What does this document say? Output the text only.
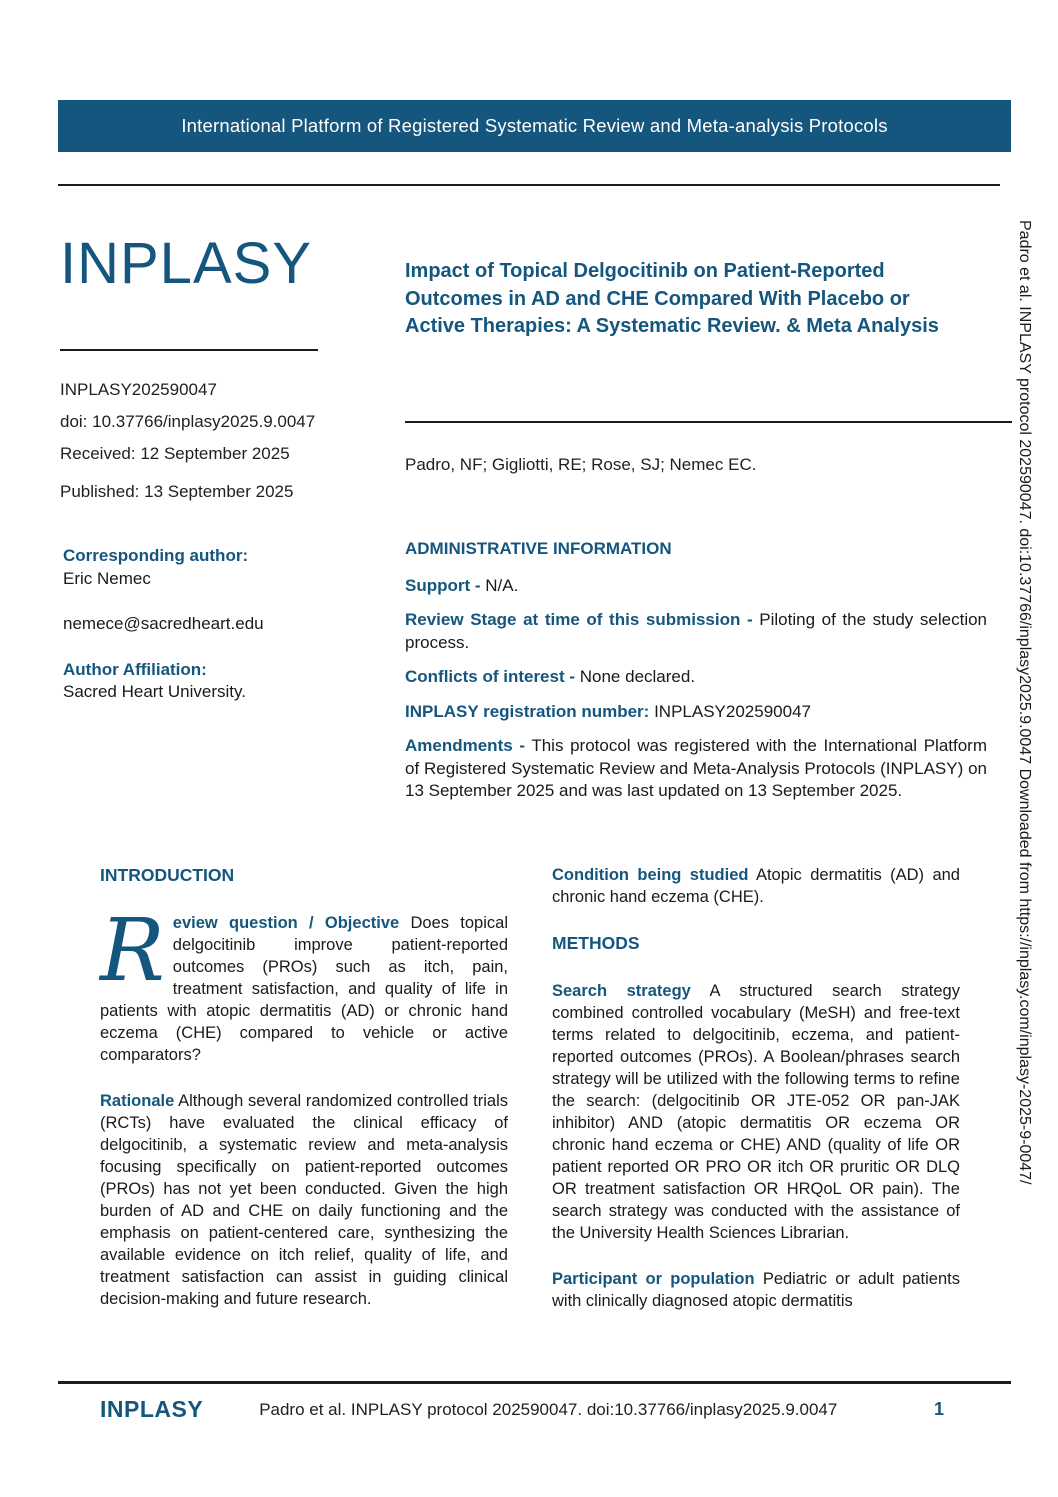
International Platform of Registered Systematic Review and Meta-analysis Protocols
INPLASY
INPLASY202590047
doi: 10.37766/inplasy2025.9.0047
Received: 12 September 2025
Published: 13 September 2025
Corresponding author:
Eric Nemec
nemece@sacredheart.edu
Author Affiliation:
Sacred Heart University.
Impact of Topical Delgocitinib on Patient-Reported
Outcomes in AD and CHE Compared With Placebo or
Active Therapies: A Systematic Review. & Meta Analysis
Padro, NF; Gigliotti, RE; Rose, SJ; Nemec EC.
ADMINISTRATIVE INFORMATION

Support - N/A.

Review Stage at time of this submission - Piloting of the study selection process.

Conflicts of interest - None declared.

INPLASY registration number: INPLASY202590047

Amendments - This protocol was registered with the International Platform of Registered Systematic Review and Meta-Analysis Protocols (INPLASY) on 13 September 2025 and was last updated on 13 September 2025.

INTRODUCTION

Review question / Objective Does topical delgocitinib improve patient-reported outcomes (PROs) such as itch, pain, treatment satisfaction, and quality of life in patients with atopic dermatitis (AD) or chronic hand eczema (CHE) compared to vehicle or active comparators?

Rationale Although several randomized controlled trials (RCTs) have evaluated the clinical efficacy of delgocitinib, a systematic review and meta-analysis focusing specifically on patient-reported outcomes (PROs) has not yet been conducted. Given the high burden of AD and CHE on daily functioning and the emphasis on patient-centered care, synthesizing the available evidence on itch relief, quality of life, and treatment satisfaction can assist in guiding clinical decision-making and future research.

Condition being studied Atopic dermatitis (AD) and chronic hand eczema (CHE).

METHODS

Search strategy A structured search strategy combined controlled vocabulary (MeSH) and free-text terms related to delgocitinib, eczema, and patient-reported outcomes (PROs). A Boolean/phrases search strategy will be utilized with the following terms to refine the search: (delgocitinib OR JTE-052 OR pan-JAK inhibitor) AND (atopic dermatitis OR eczema OR chronic hand eczema or CHE) AND (quality of life OR patient reported OR PRO OR itch OR pruritic OR DLQ OR treatment satisfaction OR HRQoL OR pain). The search strategy was conducted with the assistance of the University Health Sciences Librarian.

Participant or population Pediatric or adult patients with clinically diagnosed atopic dermatitis

INPLASY	Padro et al. INPLASY protocol 202590047. doi:10.37766/inplasy2025.9.0047	1
Padro et al. INPLASY protocol 202590047. doi:10.37766/inplasy2025.9.0047 Downloaded from https://inplasy.com/inplasy-2025-9-0047/
